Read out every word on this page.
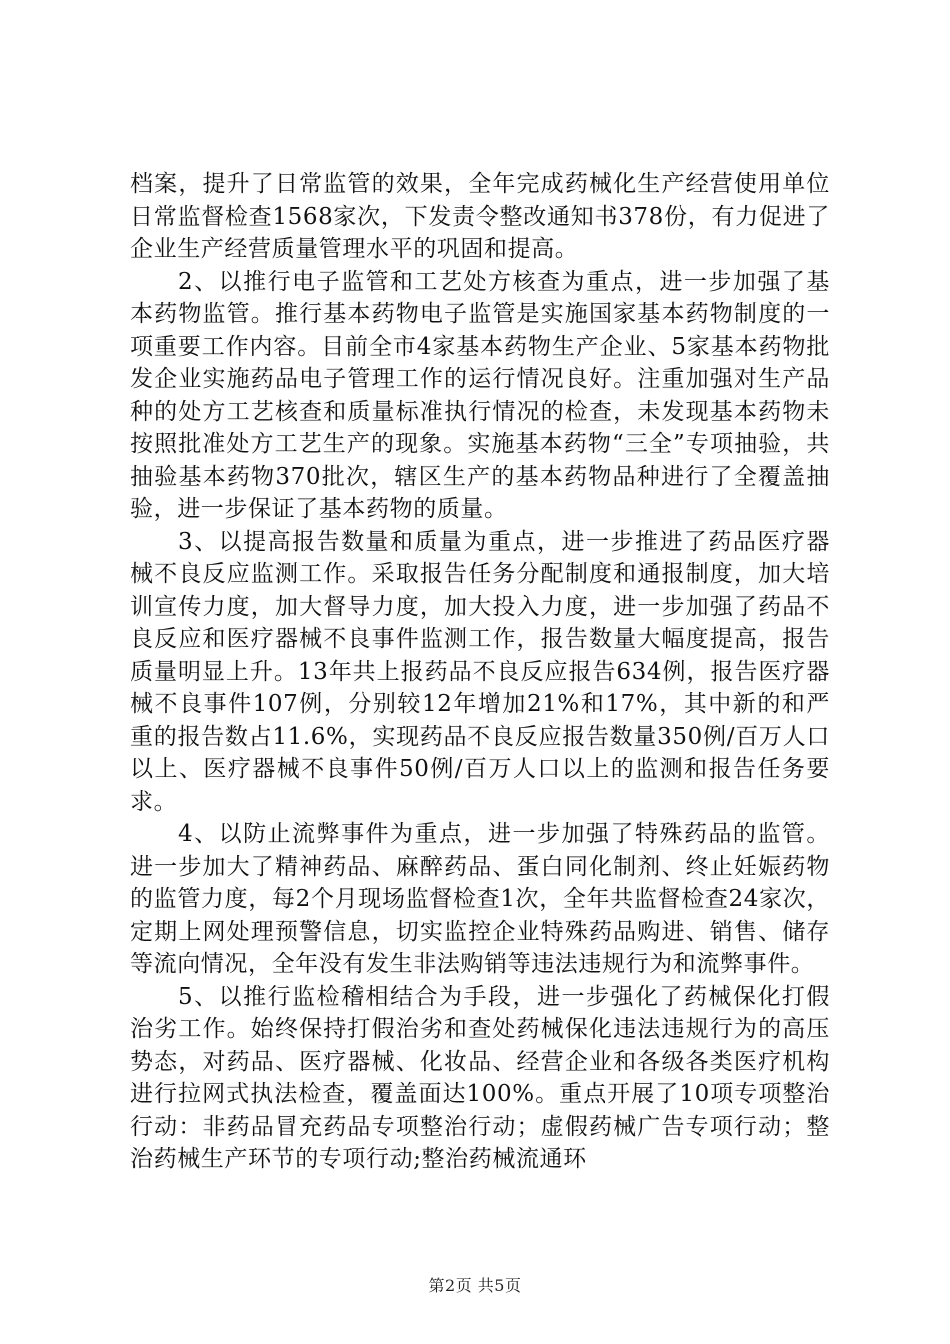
档案，提升了日常监管的效果，全年完成药械化生产经营使用单位日常监督检查1568家次，下发责令整改通知书378份，有力促进了企业生产经营质量管理水平的巩固和提高。

2、以推行电子监管和工艺处方核查为重点，进一步加强了基本药物监管。推行基本药物电子监管是实施国家基本药物制度的一项重要工作内容。目前全市4家基本药物生产企业、5家基本药物批发企业实施药品电子管理工作的运行情况良好。注重加强对生产品种的处方工艺核查和质量标准执行情况的检查，未发现基本药物未按照批准处方工艺生产的现象。实施基本药物“三全”专项抽验，共抽验基本药物370批次，辖区生产的基本药物品种进行了全覆盖抽验，进一步保证了基本药物的质量。

3、以提高报告数量和质量为重点，进一步推进了药品医疗器械不良反应监测工作。采取报告任务分配制度和通报制度，加大培训宣传力度，加大督导力度，加大投入力度，进一步加强了药品不良反应和医疗器械不良事件监测工作，报告数量大幅度提高，报告质量明显上升。13年共上报药品不良反应报告634例，报告医疗器械不良事件107例，分别较12年增加21%和17%，其中新的和严重的报告数占11.6%，实现药品不良反应报告数量350例/百万人口以上、医疗器械不良事件50例/百万人口以上的监测和报告任务要求。

4、以防止流弊事件为重点，进一步加强了特殊药品的监管。进一步加大了精神药品、麻醉药品、蛋白同化制剂、终止妊娠药物的监管力度，每2个月现场监督检查1次，全年共监督检查24家次，定期上网处理预警信息，切实监控企业特殊药品购进、销售、储存等流向情况，全年没有发生非法购销等违法违规行为和流弊事件。

5、以推行监检稽相结合为手段，进一步强化了药械保化打假治劣工作。始终保持打假治劣和查处药械保化违法违规行为的高压势态，对药品、医疗器械、化妆品、经营企业和各级各类医疗机构进行拉网式执法检查，覆盖面达100%。重点开展了10项专项整治行动：非药品冒充药品专项整治行动；虚假药械广告专项行动；整治药械生产环节的专项行动;整治药械流通环

第2页 共5页
